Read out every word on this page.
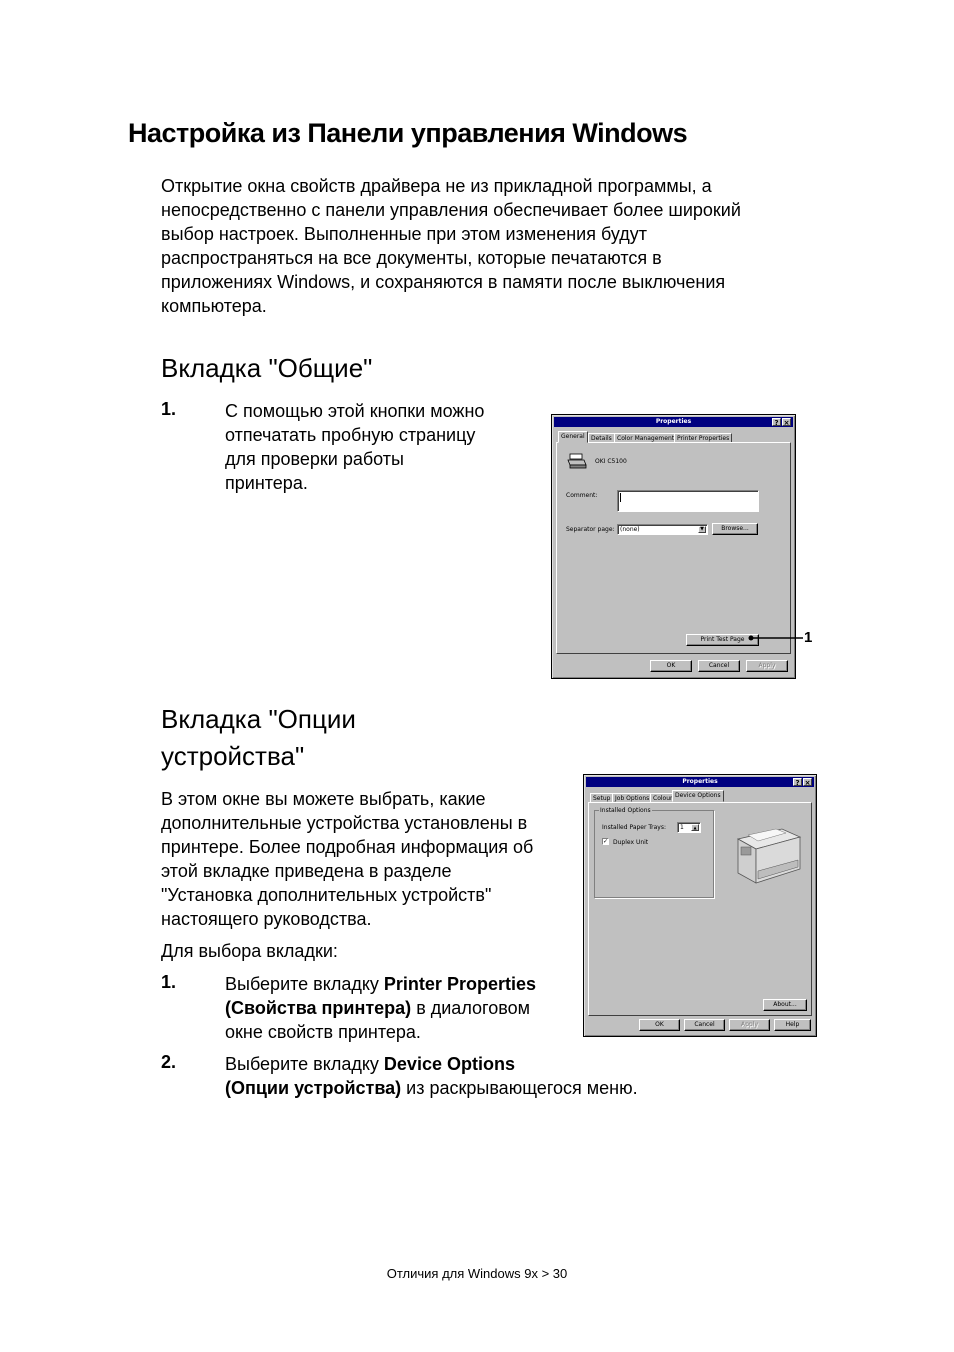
Настройка из Панели управления Windows
Открытие окна свойств драйвера не из прикладной программы, а
непосредственно с панели управления обеспечивает более широкий
выбор настроек. Выполненные при этом изменения будут
распространяться на все документы, которые печатаются в
приложениях Windows, и сохраняются в памяти после выключения
компьютера.
Вкладка "Общие"
1.	С помощью этой кнопки можно
отпечатать пробную страницу
для проверки работы
принтера.
Properties	? ×
General	Details Color Management Printer Properties
OKI C5100
Comment:
Separator page: (none)	▼	Browse...
Print Test Page
OK	Cancel	Apply
1
Вкладка "Опции
устройства"
В этом окне вы можете выбрать, какие
дополнительные устройства установлены в
принтере. Более подробная информация об
этой вкладке приведена в разделе
"Установка дополнительных устройств"
настоящего руководства.
Для выбора вкладки:
1.	Выберите вкладку Printer Properties
(Свойства принтера) в диалоговом
окне свойств принтера.
2.	Выберите вкладку Device Options
(Опции устройства) из раскрывающегося меню.
Properties	? ×
Setup Job Options Colour Device Options
Installed Options
Installed Paper Trays:	1	▲
✓ Duplex Unit
About...
OK	Cancel	Apply	Help
Отличия для Windows 9x > 30
